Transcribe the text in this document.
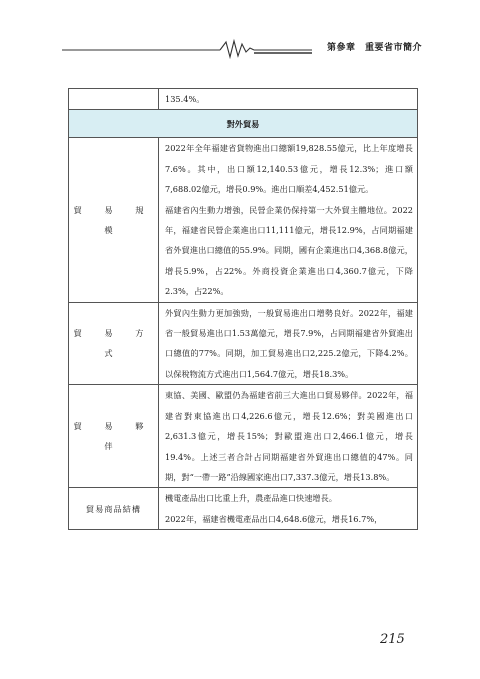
第參章　重要省市簡介
	135.4%。
對外貿易	
貿 易 規 模	2022年全年福建省貨物進出口總額19,828.55億元，比上年度增長7.6%。其中，出口額12,140.53億元，增長12.3%；進口額7,688.02億元，增長0.9%。進出口順差4,452.51億元。
福建省內生動力增強，民營企業仍保持第一大外貿主體地位。2022年，福建省民營企業進出口11,111億元，增長12.9%，占同期福建省外貿進出口總值的55.9%。同期，國有企業進出口4,368.8億元，增長5.9%，占22%。外商投資企業進出口4,360.7億元，下降2.3%，占22%。

貿 易 方 式	外貿內生動力更加強勁，一般貿易進出口增勢良好。2022年，福建省一般貿易進出口1.53萬億元，增長7.9%，占同期福建省外貿進出口總值的77%。同期，加工貿易進出口2,225.2億元，下降4.2%。以保稅物流方式進出口1,564.7億元，增長18.3%。

貿 易 夥 伴	東協、美國、歐盟仍為福建省前三大進出口貿易夥伴。2022年，福建省對東協進出口4,226.6億元，增長12.6%；對美國進出口2,631.3億元，增長15%；對歐盟進出口2,466.1億元，增長19.4%。上述三者合計占同期福建省外貿進出口總值的47%。同期，對“一帶一路”沿線國家進出口7,337.3億元，增長13.8%。

貿易商品結構	機電產品出口比重上升，農產品進口快速增長。
2022年，福建省機電產品出口4,648.6億元，增長16.7%，
215
